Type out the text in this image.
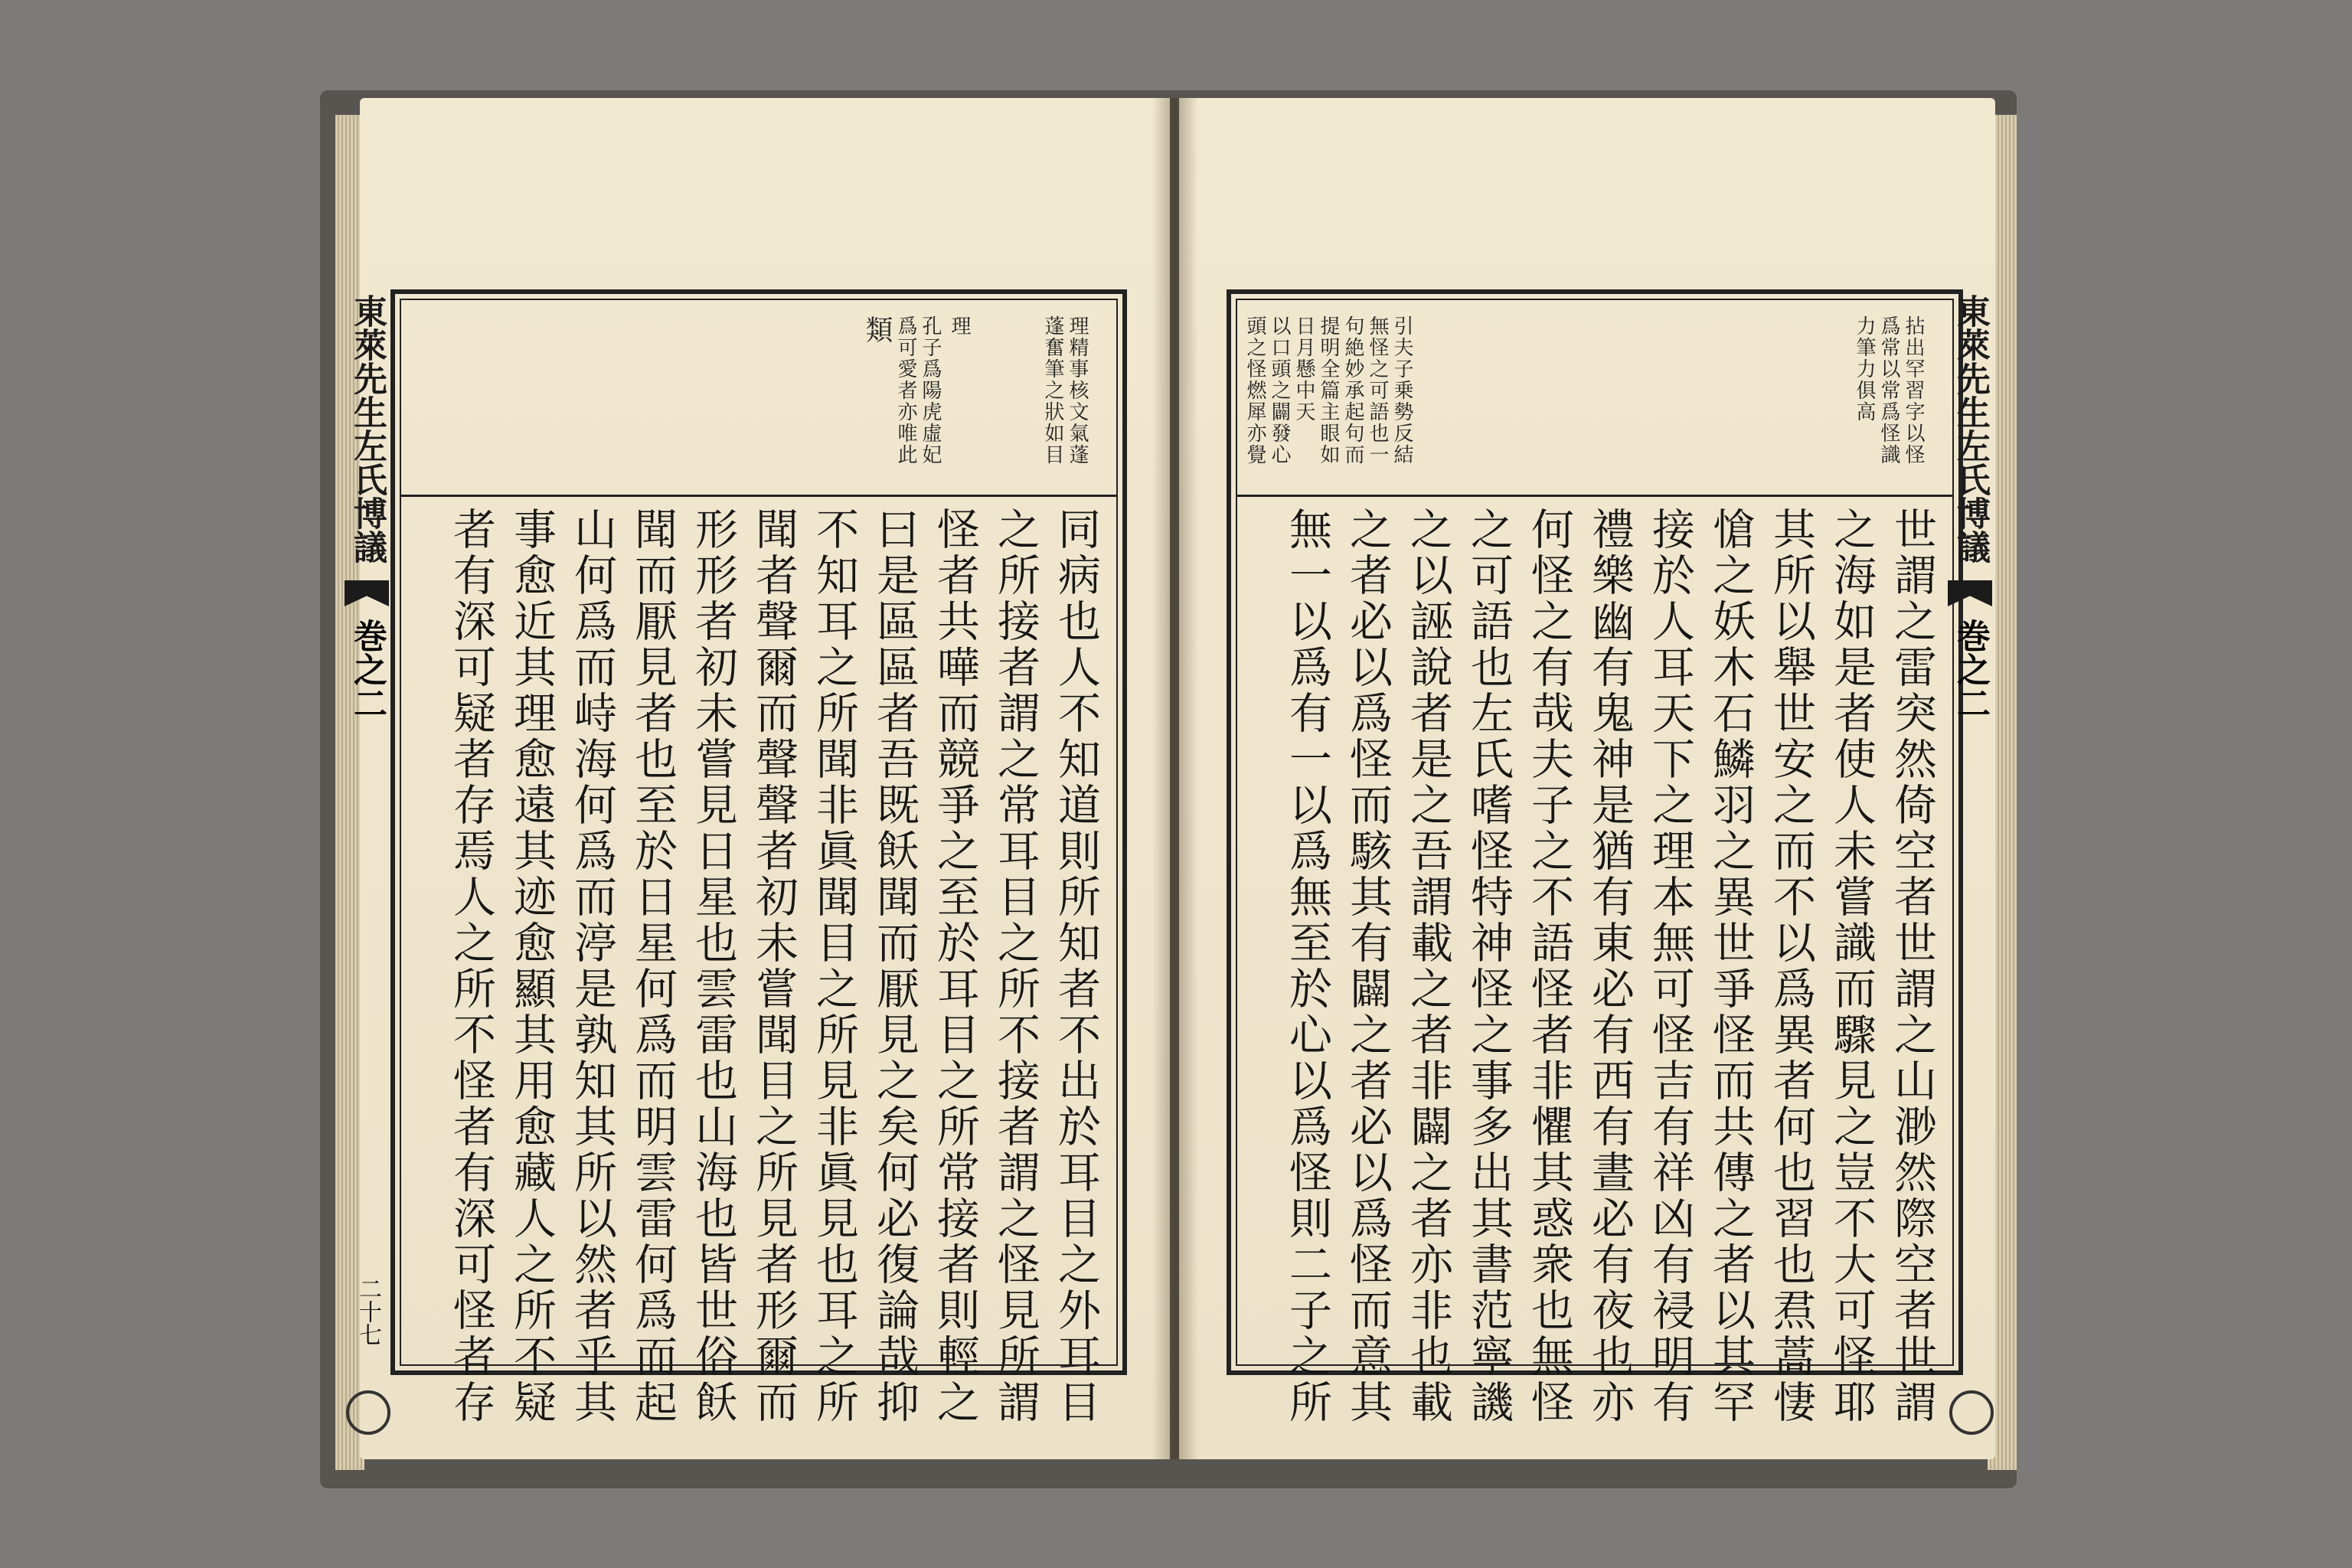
東萊先生左氏博議
巻之二
二十七
理精事核文氣蓬
蓬奮筆之狀如目
理
孔子爲陽虎虛妃
爲可愛者亦唯此
類
同病也人不知道則所知者不出於耳目之外耳目
之所接者謂之常耳目之所不接者謂之怪見所謂
怪者共嘩而競爭之至於耳目之所常接者則輕之
曰是區區者吾既飫聞而厭見之矣何必復論哉抑
不知耳之所聞非眞聞目之所見非眞見也耳之所
聞者聲爾而聲聲者初未嘗聞目之所見者形爾而
形形者初未嘗見日星也雲雷也山海也皆世俗飫
聞而厭見者也至於日星何爲而明雲雷何爲而起
山何爲而峙海何爲而渟是孰知其所以然者乎其
事愈近其理愈遠其迹愈顯其用愈藏人之所不疑
者有深可疑者存焉人之所不怪者有深可怪者存
拈出罕習字以怪
爲常以常爲怪識
力筆力俱高
引夫子乗勢反結
無怪之可語也一
句絶妙承起句而
提明全篇主眼如
日月懸中天
以口頭之闢發心
頭之怪燃犀亦覺
世謂之雷突然倚空者世謂之山渺然際空者世謂
之海如是者使人未嘗識而驟見之豈不大可怪耶
其所以舉世安之而不以爲異者何也習也焄蒿悽
愴之妖木石鱗羽之異世爭怪而共傳之者以其罕
接於人耳天下之理本無可怪吉有祥凶有祲明有
禮樂幽有鬼神是猶有東必有西有晝必有夜也亦
何怪之有哉夫子之不語怪者非懼其惑衆也無怪
之可語也左氏嗜怪特神怪之事多出其書范寧譏
之以誣說者是之吾謂載之者非闢之者亦非也載
之者必以爲怪而駭其有闢之者必以爲怪而意其
無一以爲有一以爲無至於心以爲怪則二子之所
東萊先生左氏博議
巻之二
